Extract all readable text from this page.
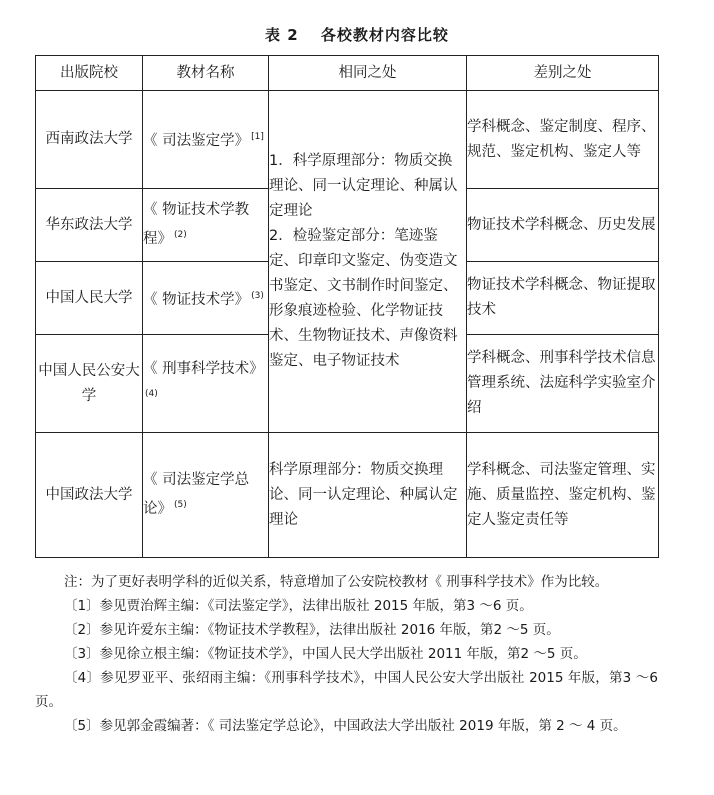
表 2　 各校教材内容比较
出版院校	教材名称	相同之处	差别之处
西南政法大学	《 司法鉴定学》 [1]	1．科学原理部分：物质交换理论、同一认定理论、种属认定理论
2．检验鉴定部分：笔迹鉴定、印章印文鉴定、伪变造文书鉴定、文书制作时间鉴定、形象痕迹检验、化学物证技术、生物物证技术、声像资料鉴定、电子物证技术	学科概念、鉴定制度、程序、规范、鉴定机构、鉴定人等
华东政法大学	《 物证技术学教程》 $^{(2)}$		物证技术学科概念、历史发展
中国人民大学	《 物证技术学》 $^{(3)}$		物证技术学科概念、物证提取技术
中国人民公安大学	《 刑事科学技术》$^{(4)}$		学科概念、刑事科学技术信息管理系统、法庭科学实验室介绍
中国政法大学	《 司法鉴定学总论》 $^{(5)}$	科学原理部分：物质交换理论、同一认定理论、种属认定理论	学科概念、司法鉴定管理、实施、质量监控、鉴定机构、鉴定人鉴定责任等

注：为了更好表明学科的近似关系，特意增加了公安院校教材《 刑事科学技术》作为比较。

〔1〕参见贾治辉主编：《司法鉴定学》，法律出版社 2015 年版，第3 ～6 页。

〔2〕参见许爱东主编：《物证技术学教程》，法律出版社 2016 年版，第2 ～5 页。

〔3〕参见徐立根主编：《物证技术学》，中国人民大学出版社 2011 年版，第2 ～5 页。

〔4〕参见罗亚平、张绍雨主编：《刑事科学技术》，中国人民公安大学出版社 2015 年版，第3 ～6 页。

〔5〕参见郭金霞编著：《 司法鉴定学总论》，中国政法大学出版社 2019 年版，第 2 ～ 4 页。
